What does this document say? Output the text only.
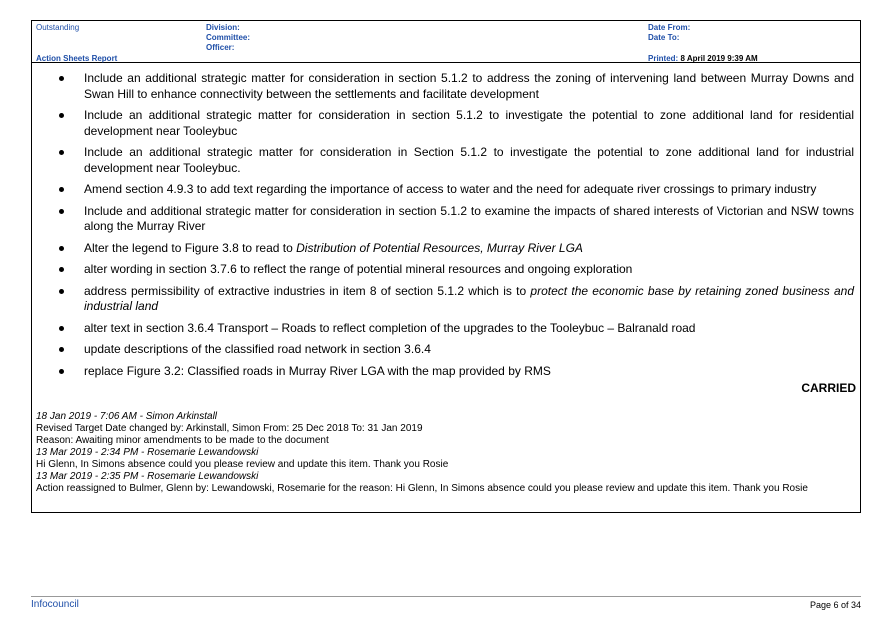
Outstanding
Action Sheets Report
Division:
Committee:
Officer:
Date From:
Date To:
Printed: 8 April 2019 9:39 AM
Include an additional strategic matter for consideration in section 5.1.2 to address the zoning of intervening land between Murray Downs and Swan Hill to enhance connectivity between the settlements and facilitate development
Include an additional strategic matter for consideration in section 5.1.2 to investigate the potential to zone additional land for residential development near Tooleybuc
Include an additional strategic matter for consideration in Section 5.1.2 to investigate the potential to zone additional land for industrial development near Tooleybuc.
Amend section 4.9.3 to add text regarding the importance of access to water and the need for adequate river crossings to primary industry
Include and additional strategic matter for consideration in section 5.1.2 to examine the impacts of shared interests of Victorian and NSW towns along the Murray River
Alter the legend to Figure 3.8 to read to Distribution of Potential Resources, Murray River LGA
alter wording in section 3.7.6 to reflect the range of potential mineral resources and ongoing exploration
address permissibility of extractive industries in item 8 of section 5.1.2 which is to protect the economic base by retaining zoned business and industrial land
alter text in section 3.6.4 Transport – Roads to reflect completion of the upgrades to the Tooleybuc – Balranald road
update descriptions of the classified road network in section 3.6.4
replace Figure 3.2: Classified roads in Murray River LGA with the map provided by RMS
CARRIED
18 Jan 2019 - 7:06 AM - Simon Arkinstall
Revised Target Date changed by: Arkinstall, Simon From: 25 Dec 2018 To: 31 Jan 2019
Reason: Awaiting minor amendments to be made to the document
13 Mar 2019 - 2:34 PM - Rosemarie Lewandowski
Hi Glenn, In Simons absence could you please review and update this item. Thank you Rosie
13 Mar 2019 - 2:35 PM - Rosemarie Lewandowski
Action reassigned to Bulmer, Glenn by: Lewandowski, Rosemarie for the reason: Hi Glenn, In Simons absence could you please review and update this item. Thank you Rosie
Infocouncil	Page 6 of 34
